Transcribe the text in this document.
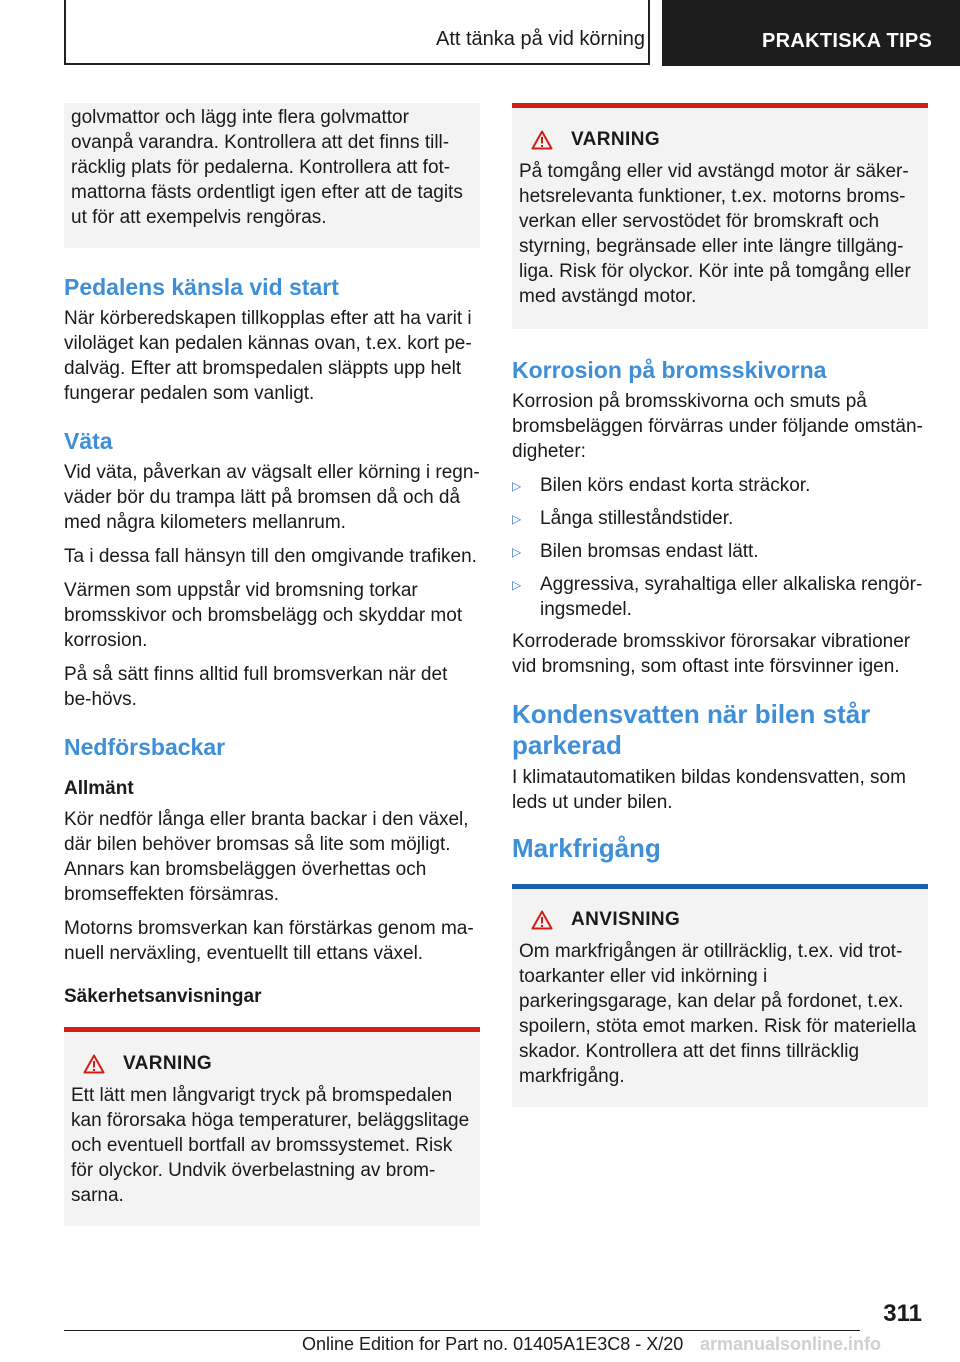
Att tänka på vid körning	PRAKTISKA TIPS

golvmattor och lägg inte flera golvmattor ovanpå varandra. Kontrollera att det finns till-räcklig plats för pedalerna. Kontrollera att fot-mattorna fästs ordentligt igen efter att de tagits ut för att exempelvis rengöras.

Pedalens känsla vid start

När körberedskapen tillkopplas efter att ha varit i viloläget kan pedalen kännas ovan, t.ex. kort pe-dalväg. Efter att bromspedalen släppts upp helt fungerar pedalen som vanligt.

Väta

Vid väta, påverkan av vägsalt eller körning i regn-väder bör du trampa lätt på bromsen då och då med några kilometers mellanrum.

Ta i dessa fall hänsyn till den omgivande trafiken.

Värmen som uppstår vid bromsning torkar bromsskivor och bromsbelägg och skyddar mot korrosion.

På så sätt finns alltid full bromsverkan när det be-hövs.

Nedförsbackar
Allmänt

Kör nedför långa eller branta backar i den växel, där bilen behöver bromsas så lite som möjligt. Annars kan bromsbeläggen överhettas och bromseffekten försämras.

Motorns bromsverkan kan förstärkas genom ma-nuell nerväxling, eventuellt till ettans växel.

Säkerhetsanvisningar
VARNING

Ett lätt men långvarigt tryck på bromspedalen kan förorsaka höga temperaturer, beläggslitage och eventuell bortfall av bromssystemet. Risk för olyckor. Undvik överbelastning av brom-sarna.

VARNING

På tomgång eller vid avstängd motor är säker-hetsrelevanta funktioner, t.ex. motorns broms-verkan eller servostödet för bromskraft och styrning, begränsade eller inte längre tillgäng-liga. Risk för olyckor. Kör inte på tomgång eller med avstängd motor.

Korrosion på bromsskivorna

Korrosion på bromsskivorna och smuts på bromsbeläggen förvärras under följande omstän-digheter:

▷ Bilen körs endast korta sträckor.
▷ Långa stilleståndstider.
▷ Bilen bromsas endast lätt.
▷ Aggressiva, syrahaltiga eller alkaliska rengör-ingsmedel.

Korroderade bromsskivor förorsakar vibrationer vid bromsning, som oftast inte försvinner igen.

Kondensvatten när bilen står parkerad

I klimatautomatiken bildas kondensvatten, som leds ut under bilen.

Markfrigång
ANVISNING

Om markfrigången är otillräcklig, t.ex. vid trot-toarkanter eller vid inkörning i parkeringsgarage, kan delar på fordonet, t.ex. spoilern, stöta emot marken. Risk för materiella skador. Kontrollera att det finns tillräcklig markfrigång.

311
Online Edition for Part no. 01405A1E3C8 - X/20 armanualsonline.info
